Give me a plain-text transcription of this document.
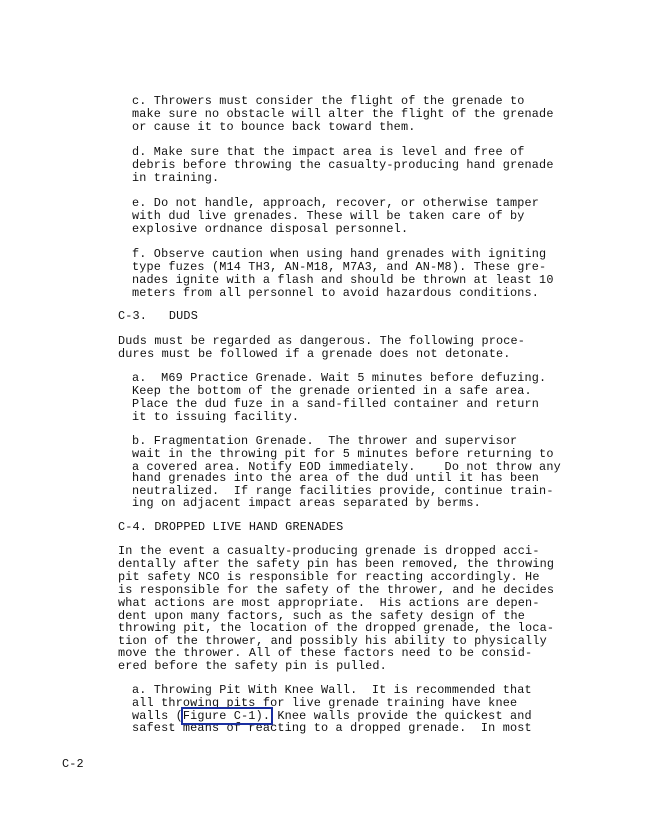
c. Throwers must consider the flight of the grenade to
make sure no obstacle will alter the flight of the grenade
or cause it to bounce back toward them.
d. Make sure that the impact area is level and free of
debris before throwing the casualty-producing hand grenade
in training.
e. Do not handle, approach, recover, or otherwise tamper
with dud live grenades. These will be taken care of by
explosive ordnance disposal personnel.
f. Observe caution when using hand grenades with igniting
type fuzes (M14 TH3, AN-M18, M7A3, and AN-M8). These gre-
nades ignite with a flash and should be thrown at least 10
meters from all personnel to avoid hazardous conditions.
C-3.   DUDS
Duds must be regarded as dangerous. The following proce-
dures must be followed if a grenade does not detonate.
a.  M69 Practice Grenade. Wait 5 minutes before defuzing.
Keep the bottom of the grenade oriented in a safe area.
Place the dud fuze in a sand-filled container and return
it to issuing facility.
b. Fragmentation Grenade.  The thrower and supervisor
wait in the throwing pit for 5 minutes before returning to
a covered area. Notify EOD immediately.    Do not throw any
hand grenades into the area of the dud until it has been
neutralized.  If range facilities provide, continue train-
ing on adjacent impact areas separated by berms.
C-4. DROPPED LIVE HAND GRENADES
In the event a casualty-producing grenade is dropped acci-
dentally after the safety pin has been removed, the throwing
pit safety NCO is responsible for reacting accordingly. He
is responsible for the safety of the thrower, and he decides
what actions are most appropriate.  His actions are depen-
dent upon many factors, such as the safety design of the
throwing pit, the location of the dropped grenade, the loca-
tion of the thrower, and possibly his ability to physically
move the thrower. All of these factors need to be consid-
ered before the safety pin is pulled.
a. Throwing Pit With Knee Wall.  It is recommended that
all throwing pits for live grenade training have knee
walls (Figure C-1). Knee walls provide the quickest and
safest means of reacting to a dropped grenade.  In most
C-2
